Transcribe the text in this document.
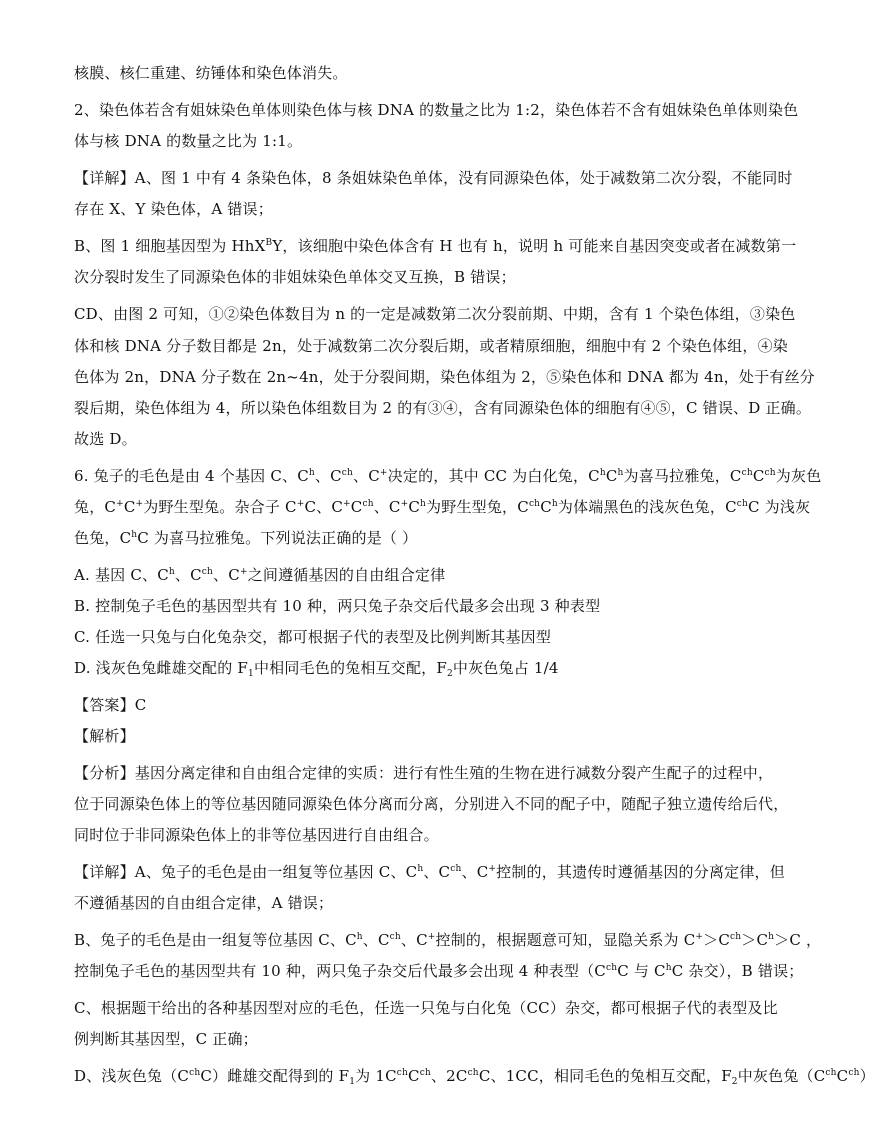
核膜、核仁重建、纺锤体和染色体消失。
2、染色体若含有姐妹染色单体则染色体与核 DNA 的数量之比为 1:2，染色体若不含有姐妹染色单体则染色
体与核 DNA 的数量之比为 1:1。
【详解】A、图 1 中有 4 条染色体，8 条姐妹染色单体，没有同源染色体，处于减数第二次分裂，不能同时
存在 X、Y 染色体，A 错误；
B、图 1 细胞基因型为 HhX$^B$Y，该细胞中染色体含有 H 也有 h，说明 h 可能来自基因突变或者在减数第一
次分裂时发生了同源染色体的非姐妹染色单体交叉互换，B 错误；
CD、由图 2 可知，①②染色体数目为 n 的一定是减数第二次分裂前期、中期，含有 1 个染色体组，③染色
体和核 DNA 分子数目都是 2n，处于减数第二次分裂后期，或者精原细胞，细胞中有 2 个染色体组，④染
色体为 2n，DNA 分子数在 2n~4n，处于分裂间期，染色体组为 2，⑤染色体和 DNA 都为 4n，处于有丝分
裂后期，染色体组为 4，所以染色体组数目为 2 的有③④，含有同源染色体的细胞有④⑤，C 错误、D 正确。
故选 D。
6. 兔子的毛色是由 4 个基因 C、$C^h$、$C^{ch}$、C+决定的，其中 CC 为白化兔，$C^hC^h$为喜马拉雅兔，$C^{ch}C^{ch}$为灰色
兔，C+C+为野生型兔。杂合子 C+C、$C^+C^{ch}$、$C^+C^h$为野生型兔，$C^{ch}C^h$为体端黑色的浅灰色兔，$C^{ch}C$ 为浅灰
色兔，$C^hC$ 为喜马拉雅兔。下列说法正确的是（ ）
A. 基因 C、$C^h$、$C^{ch}$、C+之间遵循基因的自由组合定律
B. 控制兔子毛色的基因型共有 10 种，两只兔子杂交后代最多会出现 3 种表型
C. 任选一只兔与白化兔杂交，都可根据子代的表型及比例判断其基因型
D. 浅灰色兔雌雄交配的 $F_1$中相同毛色的兔相互交配，$F_2$中灰色兔占 1/4
【答案】C
【解析】
【分析】基因分离定律和自由组合定律的实质：进行有性生殖的生物在进行减数分裂产生配子的过程中，
位于同源染色体上的等位基因随同源染色体分离而分离，分别进入不同的配子中，随配子独立遗传给后代，
同时位于非同源染色体上的非等位基因进行自由组合。
【详解】A、兔子的毛色是由一组复等位基因 C、$C^h$、$C^{ch}$、C+控制的，其遗传时遵循基因的分离定律，但
不遵循基因的自由组合定律，A 错误；
B、兔子的毛色是由一组复等位基因 C、$C^h$、$C^{ch}$、C+控制的，根据题意可知，显隐关系为 $C^+>C^{ch}>C^h>C$ ，
控制兔子毛色的基因型共有 10 种，两只兔子杂交后代最多会出现 4 种表型（$C^{ch}C$ 与 $C^hC$ 杂交），B 错误；
C、根据题干给出的各种基因型对应的毛色，任选一只兔与白化兔（CC）杂交，都可根据子代的表型及比
例判断其基因型，C 正确；
D、浅灰色兔$(C^{ch}C)$雌雄交配得到的 $F_1$为 $1C^{ch}C^{ch}$、$2C^{ch}C$、1CC，相同毛色的兔相互交配，$F_2$中灰色兔$(C^{ch}C^{ch})$
